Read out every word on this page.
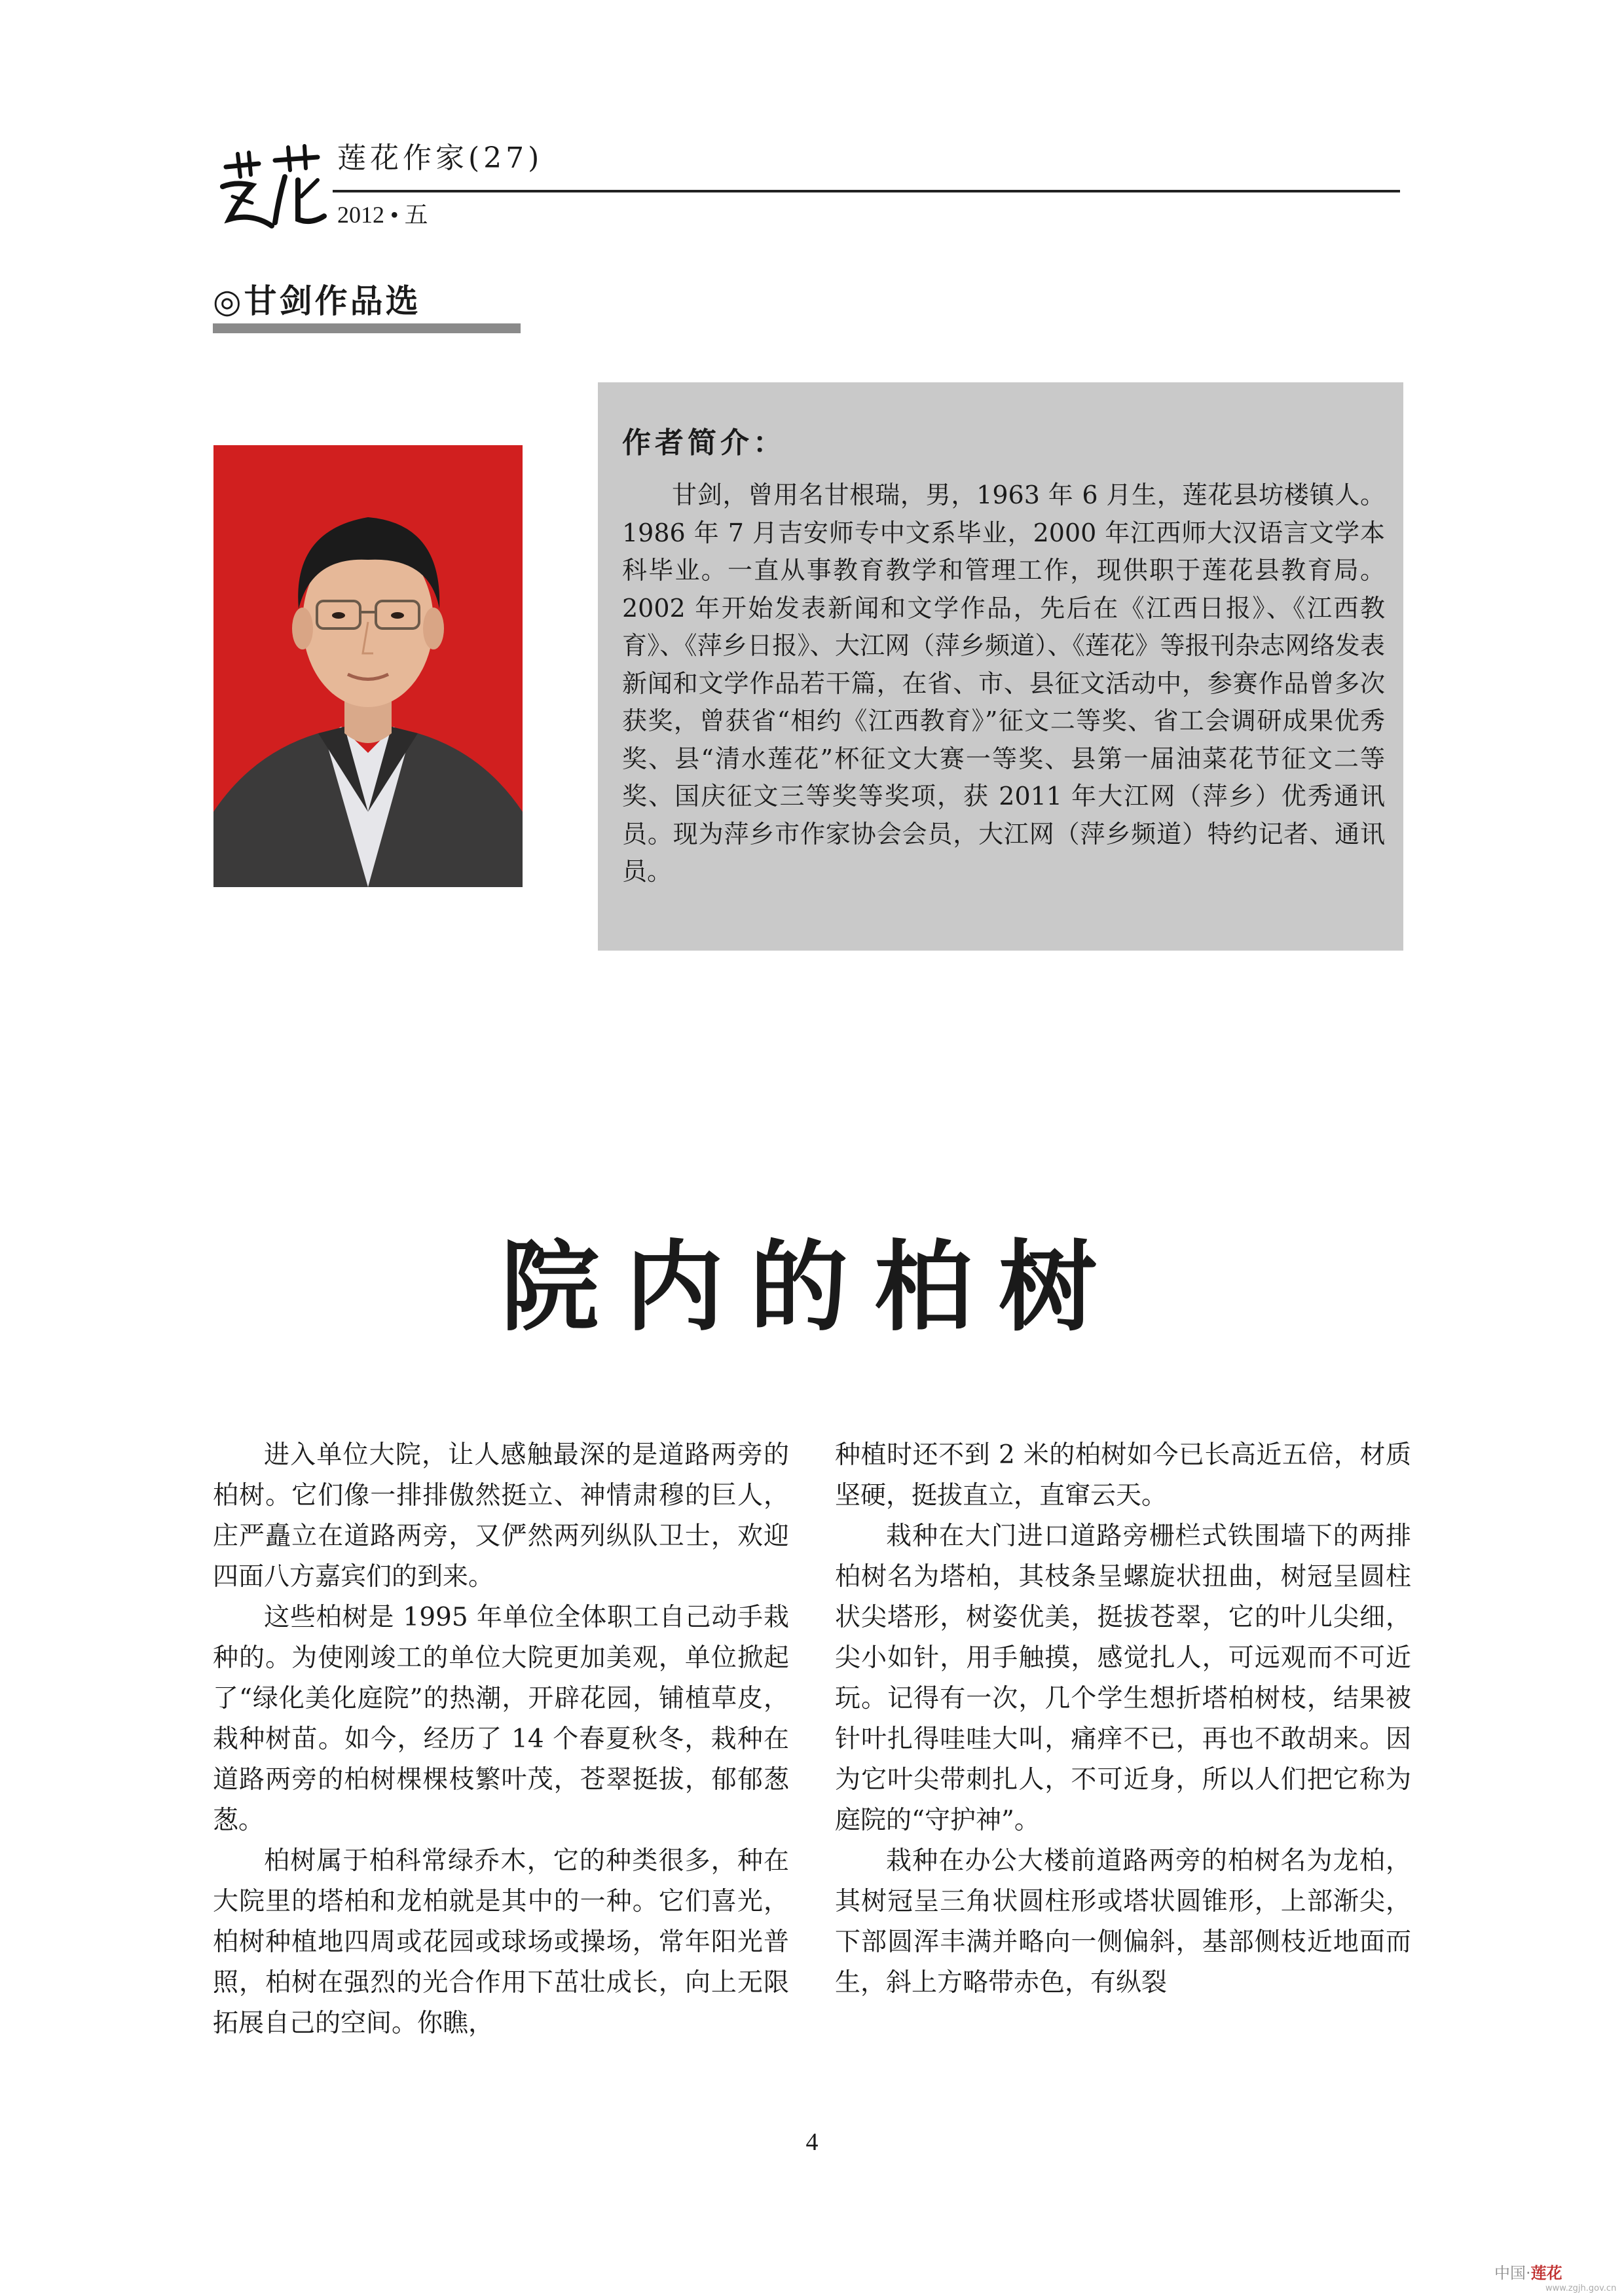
莲花作家(27)
2012 • 五
◎甘剑作品选
作者简介：

甘剑，曾用名甘根瑞，男，1963 年 6 月生，莲花县坊楼镇人。1986 年 7 月吉安师专中文系毕业，2000 年江西师大汉语言文学本科毕业。一直从事教育教学和管理工作，现供职于莲花县教育局。2002 年开始发表新闻和文学作品，先后在《江西日报》、《江西教育》、《萍乡日报》、大江网（萍乡频道）、《莲花》等报刊杂志网络发表新闻和文学作品若干篇，在省、市、县征文活动中，参赛作品曾多次获奖，曾获省“相约《江西教育》”征文二等奖、省工会调研成果优秀奖、县“清水莲花”杯征文大赛一等奖、县第一届油菜花节征文二等奖、国庆征文三等奖等奖项，获 2011 年大江网（萍乡）优秀通讯员。现为萍乡市作家协会会员，大江网（萍乡频道）特约记者、通讯员。

院内的柏树

进入单位大院，让人感触最深的是道路两旁的柏树。它们像一排排傲然挺立、神情肃穆的巨人，庄严矗立在道路两旁，又俨然两列纵队卫士，欢迎四面八方嘉宾们的到来。

这些柏树是 1995 年单位全体职工自己动手栽种的。为使刚竣工的单位大院更加美观，单位掀起了“绿化美化庭院”的热潮，开辟花园，铺植草皮，栽种树苗。如今，经历了 14 个春夏秋冬，栽种在道路两旁的柏树棵棵枝繁叶茂，苍翠挺拔，郁郁葱葱。

柏树属于柏科常绿乔木，它的种类很多，种在大院里的塔柏和龙柏就是其中的一种。它们喜光，柏树种植地四周或花园或球场或操场，常年阳光普照，柏树在强烈的光合作用下茁壮成长，向上无限拓展自己的空间。你瞧，

种植时还不到 2 米的柏树如今已长高近五倍，材质坚硬，挺拔直立，直窜云天。

栽种在大门进口道路旁栅栏式铁围墙下的两排柏树名为塔柏，其枝条呈螺旋状扭曲，树冠呈圆柱状尖塔形，树姿优美，挺拔苍翠，它的叶儿尖细，尖小如针，用手触摸，感觉扎人，可远观而不可近玩。记得有一次，几个学生想折塔柏树枝，结果被针叶扎得哇哇大叫，痛痒不已，再也不敢胡来。因为它叶尖带刺扎人，不可近身，所以人们把它称为庭院的“守护神”。

栽种在办公大楼前道路两旁的柏树名为龙柏，其树冠呈三角状圆柱形或塔状圆锥形，上部渐尖，下部圆浑丰满并略向一侧偏斜，基部侧枝近地面而生，斜上方略带赤色，有纵裂

4
中国·莲花
www.zgjh.gov.cn
